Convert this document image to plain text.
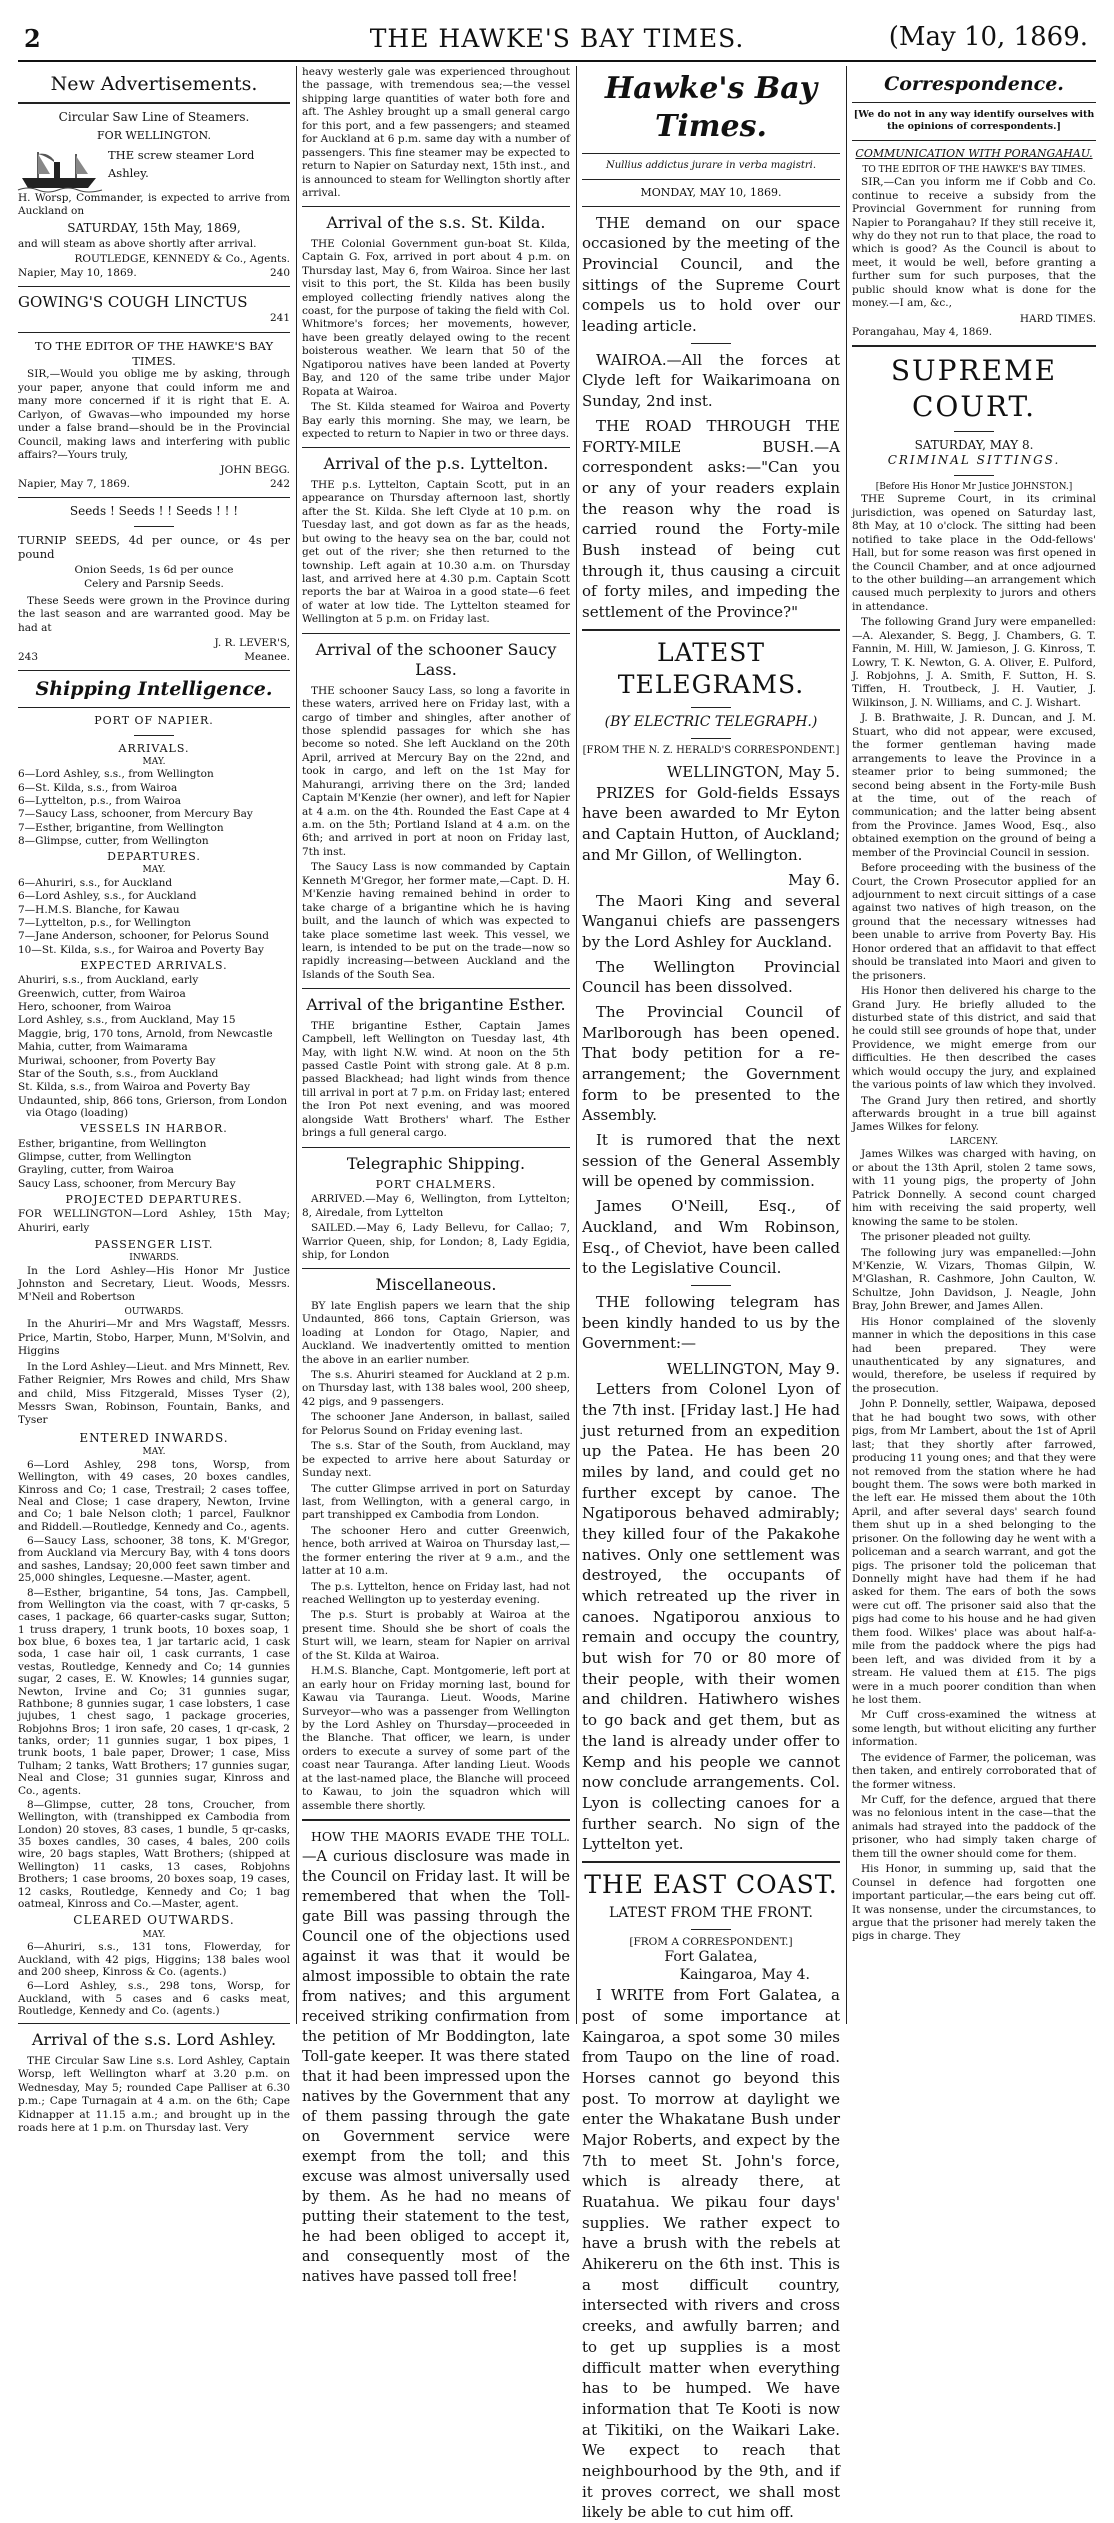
2	THE HAWKE'S BAY TIMES.	(May 10, 1869.
New Advertisements.
Circular Saw Line of Steamers.
FOR WELLINGTON.
THE screw steamer Lord Ashley.

H. Worsp, Commander, is expected to arrive from Auckland on

SATURDAY, 15th May, 1869,

and will steam as above shortly after arrival.

ROUTLEDGE, KENNEDY & Co., Agents.
Napier, May 10, 1869.	240
GOWING'S COUGH LINCTUS
241
TO THE EDITOR OF THE HAWKE'S BAY TIMES.

SIR,—Would you oblige me by asking, through your paper, anyone that could inform me and many more concerned if it is right that E. A. Carlyon, of Gwavas—who impounded my horse under a false brand—should be in the Provincial Council, making laws and interfering with public affairs?—Yours truly,

JOHN BEGG.
Napier, May 7, 1869.	242
Seeds ! Seeds ! ! Seeds ! ! !

TURNIP SEEDS, 4d per ounce, or 4s per pound

Onion Seeds, 1s 6d per ounce
Celery and Parsnip Seeds.

These Seeds were grown in the Province during the last season and are warranted good. May be had at

J. R. LEVER'S,
243	Meanee.
Shipping Intelligence.
PORT OF NAPIER.
ARRIVALS.
MAY.
6—Lord Ashley, s.s., from Wellington
6—St. Kilda, s.s., from Wairoa
6—Lyttelton, p.s., from Wairoa
7—Saucy Lass, schooner, from Mercury Bay
7—Esther, brigantine, from Wellington
8—Glimpse, cutter, from Wellington
DEPARTURES.
MAY.
6—Ahuriri, s.s., for Auckland
6—Lord Ashley, s.s., for Auckland
7—H.M.S. Blanche, for Kawau
7—Lyttelton, p.s., for Wellington
7—Jane Anderson, schooner, for Pelorus Sound
10—St. Kilda, s.s., for Wairoa and Poverty Bay
EXPECTED ARRIVALS.
Ahuriri, s.s., from Auckland, early
Greenwich, cutter, from Wairoa
Hero, schooner, from Wairoa
Lord Ashley, s.s., from Auckland, May 15
Maggie, brig, 170 tons, Arnold, from Newcastle
Mahia, cutter, from Waimarama
Muriwai, schooner, from Poverty Bay
Star of the South, s.s., from Auckland
St. Kilda, s.s., from Wairoa and Poverty Bay
Undaunted, ship, 866 tons, Grierson, from London via Otago (loading)
VESSELS IN HARBOR.
Esther, brigantine, from Wellington
Glimpse, cutter, from Wellington
Grayling, cutter, from Wairoa
Saucy Lass, schooner, from Mercury Bay
PROJECTED DEPARTURES.

FOR WELLINGTON—Lord Ashley, 15th May; Ahuriri, early

PASSENGER LIST.
INWARDS.

In the Lord Ashley—His Honor Mr Justice Johnston and Secretary, Lieut. Woods, Messrs. M'Neil and Robertson

OUTWARDS.

In the Ahuriri—Mr and Mrs Wagstaff, Messrs. Price, Martin, Stobo, Harper, Munn, M'Solvin, and Higgins

In the Lord Ashley—Lieut. and Mrs Minnett, Rev. Father Reignier, Mrs Rowes and child, Mrs Shaw and child, Miss Fitzgerald, Misses Tyser (2), Messrs Swan, Robinson, Fountain, Banks, and Tyser

ENTERED INWARDS.
MAY.

6—Lord Ashley, 298 tons, Worsp, from Wellington, with 49 cases, 20 boxes candles, Kinross and Co; 1 case, Trestrail; 2 cases toffee, Neal and Close; 1 case drapery, Newton, Irvine and Co; 1 bale Nelson cloth; 1 parcel, Faulknor and Riddell.—Routledge, Kennedy and Co., agents.

6—Saucy Lass, schooner, 38 tons, K. M'Gregor, from Auckland via Mercury Bay, with 4 tons doors and sashes, Landsay; 20,000 feet sawn timber and 25,000 shingles, Lequesne.—Master, agent.

8—Esther, brigantine, 54 tons, Jas. Campbell, from Wellington via the coast, with 7 qr-casks, 5 cases, 1 package, 66 quarter-casks sugar, Sutton; 1 truss drapery, 1 trunk boots, 10 boxes soap, 1 box blue, 6 boxes tea, 1 jar tartaric acid, 1 cask soda, 1 case hair oil, 1 cask currants, 1 case vestas, Routledge, Kennedy and Co; 14 gunnies sugar, 2 cases, E. W. Knowles; 14 gunnies sugar, Newton, Irvine and Co; 31 gunnies sugar, Rathbone; 8 gunnies sugar, 1 case lobsters, 1 case jujubes, 1 chest sago, 1 package groceries, Robjohns Bros; 1 iron safe, 20 cases, 1 qr-cask, 2 tanks, order; 11 gunnies sugar, 1 box pipes, 1 trunk boots, 1 bale paper, Drower; 1 case, Miss Tulham; 2 tanks, Watt Brothers; 17 gunnies sugar, Neal and Close; 31 gunnies sugar, Kinross and Co., agents.

8—Glimpse, cutter, 28 tons, Croucher, from Wellington, with (transhipped ex Cambodia from London) 20 stoves, 83 cases, 1 bundle, 5 qr-casks, 35 boxes candles, 30 cases, 4 bales, 200 coils wire, 20 bags staples, Watt Brothers; (shipped at Wellington) 11 casks, 13 cases, Robjohns Brothers; 1 case brooms, 20 boxes soap, 19 cases, 12 casks, Routledge, Kennedy and Co; 1 bag oatmeal, Kinross and Co.—Master, agent.

CLEARED OUTWARDS.
MAY.

6—Ahuriri, s.s., 131 tons, Flowerday, for Auckland, with 42 pigs, Higgins; 138 bales wool and 200 sheep, Kinross & Co. (agents.)

6—Lord Ashley, s.s., 298 tons, Worsp, for Auckland, with 5 cases and 6 casks meat, Routledge, Kennedy and Co. (agents.)

Arrival of the s.s. Lord Ashley.

THE Circular Saw Line s.s. Lord Ashley, Captain Worsp, left Wellington wharf at 3.20 p.m. on Wednesday, May 5; rounded Cape Palliser at 6.30 p.m.; Cape Turnagain at 4 a.m. on the 6th; Cape Kidnapper at 11.15 a.m.; and brought up in the roads here at 1 p.m. on Thursday last. Very

heavy westerly gale was experienced throughout the passage, with tremendous sea;—the vessel shipping large quantities of water both fore and aft. The Ashley brought up a small general cargo for this port, and a few passengers; and steamed for Auckland at 6 p.m. same day with a number of passengers. This fine steamer may be expected to return to Napier on Saturday next, 15th inst., and is announced to steam for Wellington shortly after arrival.

Arrival of the s.s. St. Kilda.

THE Colonial Government gun-boat St. Kilda, Captain G. Fox, arrived in port about 4 p.m. on Thursday last, May 6, from Wairoa. Since her last visit to this port, the St. Kilda has been busily employed collecting friendly natives along the coast, for the purpose of taking the field with Col. Whitmore's forces; her movements, however, have been greatly delayed owing to the recent boisterous weather. We learn that 50 of the Ngatiporou natives have been landed at Poverty Bay, and 120 of the same tribe under Major Ropata at Wairoa.

The St. Kilda steamed for Wairoa and Poverty Bay early this morning. She may, we learn, be expected to return to Napier in two or three days.

Arrival of the p.s. Lyttelton.

THE p.s. Lyttelton, Captain Scott, put in an appearance on Thursday afternoon last, shortly after the St. Kilda. She left Clyde at 10 p.m. on Tuesday last, and got down as far as the heads, but owing to the heavy sea on the bar, could not get out of the river; she then returned to the township. Left again at 10.30 a.m. on Thursday last, and arrived here at 4.30 p.m. Captain Scott reports the bar at Wairoa in a good state—6 feet of water at low tide. The Lyttelton steamed for Wellington at 5 p.m. on Friday last.

Arrival of the schooner Saucy Lass.

THE schooner Saucy Lass, so long a favorite in these waters, arrived here on Friday last, with a cargo of timber and shingles, after another of those splendid passages for which she has become so noted. She left Auckland on the 20th April, arrived at Mercury Bay on the 22nd, and took in cargo, and left on the 1st May for Mahurangi, arriving there on the 3rd; landed Captain M'Kenzie (her owner), and left for Napier at 4 a.m. on the 4th. Rounded the East Cape at 4 a.m. on the 5th; Portland Island at 4 a.m. on the 6th; and arrived in port at noon on Friday last, 7th inst.

The Saucy Lass is now commanded by Captain Kenneth M'Gregor, her former mate,—Capt. D. H. M'Kenzie having remained behind in order to take charge of a brigantine which he is having built, and the launch of which was expected to take place sometime last week. This vessel, we learn, is intended to be put on the trade—now so rapidly increasing—between Auckland and the Islands of the South Sea.

Arrival of the brigantine Esther.

THE brigantine Esther, Captain James Campbell, left Wellington on Tuesday last, 4th May, with light N.W. wind. At noon on the 5th passed Castle Point with strong gale. At 8 p.m. passed Blackhead; had light winds from thence till arrival in port at 7 p.m. on Friday last; entered the Iron Pot next evening, and was moored alongside Watt Brothers' wharf. The Esther brings a full general cargo.

Telegraphic Shipping.
PORT CHALMERS.

ARRIVED.—May 6, Wellington, from Lyttelton; 8, Airedale, from Lyttelton

SAILED.—May 6, Lady Bellevu, for Callao; 7, Warrior Queen, ship, for London; 8, Lady Egidia, ship, for London

Miscellaneous.

BY late English papers we learn that the ship Undaunted, 866 tons, Captain Grierson, was loading at London for Otago, Napier, and Auckland. We inadvertently omitted to mention the above in an earlier number.

The s.s. Ahuriri steamed for Auckland at 2 p.m. on Thursday last, with 138 bales wool, 200 sheep, 42 pigs, and 9 passengers.

The schooner Jane Anderson, in ballast, sailed for Pelorus Sound on Friday evening last.

The s.s. Star of the South, from Auckland, may be expected to arrive here about Saturday or Sunday next.

The cutter Glimpse arrived in port on Saturday last, from Wellington, with a general cargo, in part transhipped ex Cambodia from London.

The schooner Hero and cutter Greenwich, hence, both arrived at Wairoa on Thursday last,—the former entering the river at 9 a.m., and the latter at 10 a.m.

The p.s. Lyttelton, hence on Friday last, had not reached Wellington up to yesterday evening.

The p.s. Sturt is probably at Wairoa at the present time. Should she be short of coals the Sturt will, we learn, steam for Napier on arrival of the St. Kilda at Wairoa.

H.M.S. Blanche, Capt. Montgomerie, left port at an early hour on Friday morning last, bound for Kawau via Tauranga. Lieut. Woods, Marine Surveyor—who was a passenger from Wellington by the Lord Ashley on Thursday—proceeded in the Blanche. That officer, we learn, is under orders to execute a survey of some part of the coast near Tauranga. After landing Lieut. Woods at the last-named place, the Blanche will proceed to Kawau, to join the squadron which will assemble there shortly.

HOW THE MAORIS EVADE THE TOLL.—A curious disclosure was made in the Council on Friday last. It will be remembered that when the Toll-gate Bill was passing through the Council one of the objections used against it was that it would be almost impossible to obtain the rate from natives; and this argument received striking confirmation from the petition of Mr Boddington, late Toll-gate keeper. It was there stated that it had been impressed upon the natives by the Government that any of them passing through the gate on Government service were exempt from the toll; and this excuse was almost universally used by them. As he had no means of putting their statement to the test, he had been obliged to accept it, and consequently most of the natives have passed toll free!

Hawke's Bay Times.
Nullius addictus jurare in verba magistri.
MONDAY, MAY 10, 1869.

THE demand on our space occasioned by the meeting of the Provincial Council, and the sittings of the Supreme Court compels us to hold over our leading article.

WAIROA.—All the forces at Clyde left for Waikarimoana on Sunday, 2nd inst.

THE ROAD THROUGH THE FORTY-MILE BUSH.—A correspondent asks:—"Can you or any of your readers explain the reason why the road is carried round the Forty-mile Bush instead of being cut through it, thus causing a circuit of forty miles, and impeding the settlement of the Province?"

LATEST TELEGRAMS.
(BY ELECTRIC TELEGRAPH.)
[FROM THE N. Z. HERALD'S CORRESPONDENT.]
WELLINGTON, May 5.

PRIZES for Gold-fields Essays have been awarded to Mr Eyton and Captain Hutton, of Auckland; and Mr Gillon, of Wellington.

May 6.

The Maori King and several Wanganui chiefs are passengers by the Lord Ashley for Auckland.

The Wellington Provincial Council has been dissolved.

The Provincial Council of Marlborough has been opened. That body petition for a re-arrangement; the Government form to be presented to the Assembly.

It is rumored that the next session of the General Assembly will be opened by commission.

James O'Neill, Esq., of Auckland, and Wm Robinson, Esq., of Cheviot, have been called to the Legislative Council.

THE following telegram has been kindly handed to us by the Government:—

WELLINGTON, May 9.

Letters from Colonel Lyon of the 7th inst. [Friday last.] He had just returned from an expedition up the Patea. He has been 20 miles by land, and could get no further except by canoe. The Ngatiporous behaved admirably; they killed four of the Pakakohe natives. Only one settlement was destroyed, the occupants of which retreated up the river in canoes. Ngatiporou anxious to remain and occupy the country, but wish for 70 or 80 more of their people, with their women and children. Hatiwhero wishes to go back and get them, but as the land is already under offer to Kemp and his people we cannot now conclude arrangements. Col. Lyon is collecting canoes for a further search. No sign of the Lyttelton yet.

THE EAST COAST.
LATEST FROM THE FRONT.
[FROM A CORRESPONDENT.]
Fort Galatea,
Kaingaroa, May 4.

I WRITE from Fort Galatea, a post of some importance at Kaingaroa, a spot some 30 miles from Taupo on the line of road. Horses cannot go beyond this post. To morrow at daylight we enter the Whakatane Bush under Major Roberts, and expect by the 7th to meet St. John's force, which is already there, at Ruatahua. We pikau four days' supplies. We rather expect to have a brush with the rebels at Ahikereru on the 6th inst. This is a most difficult country, intersected with rivers and cross creeks, and awfully barren; and to get up supplies is a most difficult matter when everything has to be humped. We have information that Te Kooti is now at Tikitiki, on the Waikari Lake. We expect to reach that neighbourhood by the 9th, and if it proves correct, we shall most likely be able to cut him off.

Correspondence.
[We do not in any way identify ourselves with the opinions of correspondents.]
COMMUNICATION WITH PORANGAHAU.
TO THE EDITOR OF THE HAWKE'S BAY TIMES.

SIR,—Can you inform me if Cobb and Co. continue to receive a subsidy from the Provincial Government for running from Napier to Porangahau? If they still receive it, why do they not run to that place, the road to which is good? As the Council is about to meet, it would be well, before granting a further sum for such purposes, that the public should know what is done for the money.—I am, &c.,

HARD TIMES.
Porangahau, May 4, 1869.
SUPREME COURT.
SATURDAY, MAY 8.
CRIMINAL SITTINGS.
[Before His Honor Mr Justice JOHNSTON.]

THE Supreme Court, in its criminal jurisdiction, was opened on Saturday last, 8th May, at 10 o'clock. The sitting had been notified to take place in the Odd-fellows' Hall, but for some reason was first opened in the Council Chamber, and at once adjourned to the other building—an arrangement which caused much perplexity to jurors and others in attendance.

The following Grand Jury were empanelled:—A. Alexander, S. Begg, J. Chambers, G. T. Fannin, M. Hill, W. Jamieson, J. G. Kinross, T. Lowry, T. K. Newton, G. A. Oliver, E. Pulford, J. Robjohns, J. A. Smith, F. Sutton, H. S. Tiffen, H. Troutbeck, J. H. Vautier, J. Wilkinson, J. N. Williams, and C. J. Wishart.

J. B. Brathwaite, J. R. Duncan, and J. M. Stuart, who did not appear, were excused, the former gentleman having made arrangements to leave the Province in a steamer prior to being summoned; the second being absent in the Forty-mile Bush at the time, out of the reach of communication; and the latter being absent from the Province. James Wood, Esq., also obtained exemption on the ground of being a member of the Provincial Council in session.

Before proceeding with the business of the Court, the Crown Prosecutor applied for an adjournment to next circuit sittings of a case against two natives of high treason, on the ground that the necessary witnesses had been unable to arrive from Poverty Bay. His Honor ordered that an affidavit to that effect should be translated into Maori and given to the prisoners.

His Honor then delivered his charge to the Grand Jury. He briefly alluded to the disturbed state of this district, and said that he could still see grounds of hope that, under Providence, we might emerge from our difficulties. He then described the cases which would occupy the jury, and explained the various points of law which they involved.

The Grand Jury then retired, and shortly afterwards brought in a true bill against James Wilkes for felony.

LARCENY.

James Wilkes was charged with having, on or about the 13th April, stolen 2 tame sows, with 11 young pigs, the property of John Patrick Donnelly. A second count charged him with receiving the said property, well knowing the same to be stolen.

The prisoner pleaded not guilty.

The following jury was empanelled:—John M'Kenzie, W. Vizars, Thomas Gilpin, W. M'Glashan, R. Cashmore, John Caulton, W. Schultze, John Davidson, J. Neagle, John Bray, John Brewer, and James Allen.

His Honor complained of the slovenly manner in which the depositions in this case had been prepared. They were unauthenticated by any signatures, and would, therefore, be useless if required by the prosecution.

John P. Donnelly, settler, Waipawa, deposed that he had bought two sows, with other pigs, from Mr Lambert, about the 1st of April last; that they shortly after farrowed, producing 11 young ones; and that they were not removed from the station where he had bought them. The sows were both marked in the left ear. He missed them about the 10th April, and after several days' search found them shut up in a shed belonging to the prisoner. On the following day he went with a policeman and a search warrant, and got the pigs. The prisoner told the policeman that Donnelly might have had them if he had asked for them. The ears of both the sows were cut off. The prisoner said also that the pigs had come to his house and he had given them food. Wilkes' place was about half-a-mile from the paddock where the pigs had been left, and was divided from it by a stream. He valued them at £15. The pigs were in a much poorer condition than when he lost them.

Mr Cuff cross-examined the witness at some length, but without eliciting any further information.

The evidence of Farmer, the policeman, was then taken, and entirely corroborated that of the former witness.

Mr Cuff, for the defence, argued that there was no felonious intent in the case—that the animals had strayed into the paddock of the prisoner, who had simply taken charge of them till the owner should come for them.

His Honor, in summing up, said that the Counsel in defence had forgotten one important particular,—the ears being cut off. It was nonsense, under the circumstances, to argue that the prisoner had merely taken the pigs in charge. They
